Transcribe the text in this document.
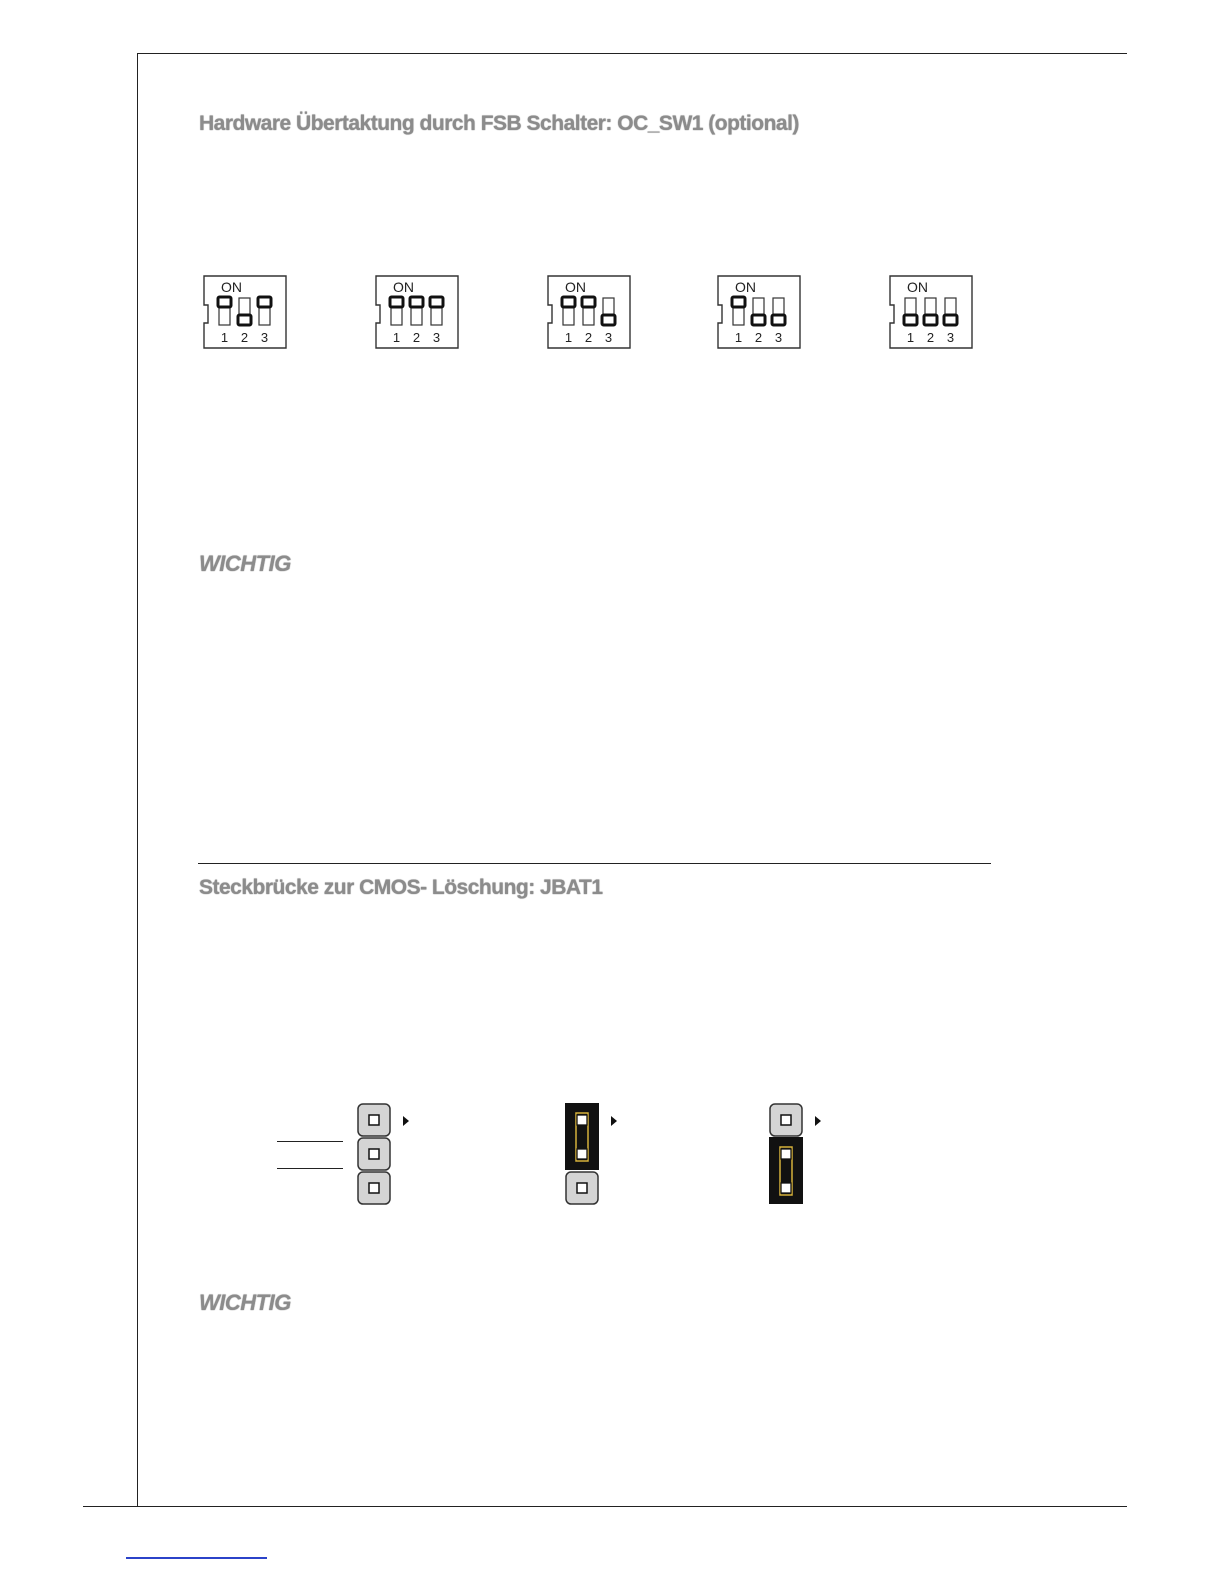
Hardware Übertaktung durch FSB Schalter: OC_SW1 (optional)
ON
1 2 3
ON
1 2 3
ON
1 2 3
ON
1 2 3
ON
1 2 3
WICHTIG
Steckbrücke zur CMOS- Löschung: JBAT1
WICHTIG
